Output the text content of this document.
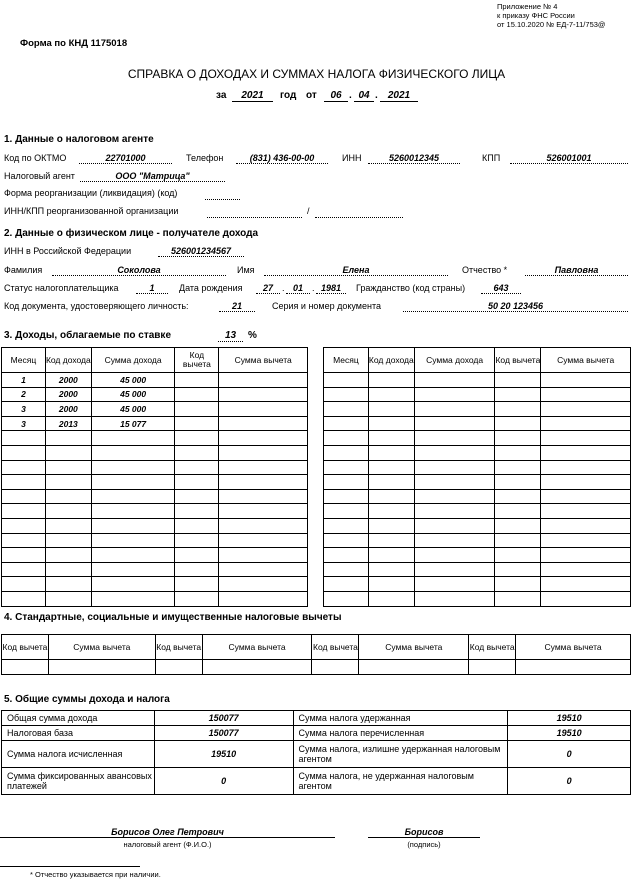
Приложение № 4
к приказу ФНС России
от 15.10.2020 № ЕД-7-11/753@
Форма по КНД 1175018
СПРАВКА О ДОХОДАХ И СУММАХ НАЛОГА ФИЗИЧЕСКОГО ЛИЦА
за	2021	год от	06 . 04 .	2021
1. Данные о налоговом агенте
Код по ОКТМО	22701000	Телефон	(831) 436-00-00	ИНН	5260012345	КПП	526001001
Налоговый агент	ООО "Матрица"
Форма реорганизации (ликвидация) (код)
ИНН/КПП реорганизованной организации	/
2. Данные о физическом лице - получателе дохода
ИНН в Российской Федерации	526001234567
Фамилия	Соколова	Имя	Елена	Отчество *	Павловна
Статус налогоплательщика	1	Дата рождения	27	. 01	. 1981	Гражданство (код страны)	643
Код документа, удостоверяющего личность:	21	Серия и номер документа	50 20 123456
3. Доходы, облагаемые по ставке	13	%
Месяц	Код дохода	Сумма дохода	Код вычета	Сумма вычета
1	2000	45 000		
2	2000	45 000		
3	2000	45 000		
3	2013	15 077		

Месяц	Код дохода	Сумма дохода	Код вычета	Сумма вычета

4. Стандартные, социальные и имущественные налоговые вычеты
Код вычета	Сумма вычета	Код вычета	Сумма вычета	Код вычета	Сумма вычета	Код вычета	Сумма вычета

5. Общие суммы дохода и налога
Общая сумма дохода	150077	Сумма налога удержанная	19510
Налоговая база	150077	Сумма налога перечисленная	19510
Сумма налога исчисленная	19510	Сумма налога, излишне удержанная налоговым агентом	0
Сумма фиксированных авансовых платежей	0	Сумма налога, не удержанная налоговым агентом	0
Борисов Олег Петрович
налоговый агент (Ф.И.О.)
Борисов
(подпись)
* Отчество указывается при наличии.
